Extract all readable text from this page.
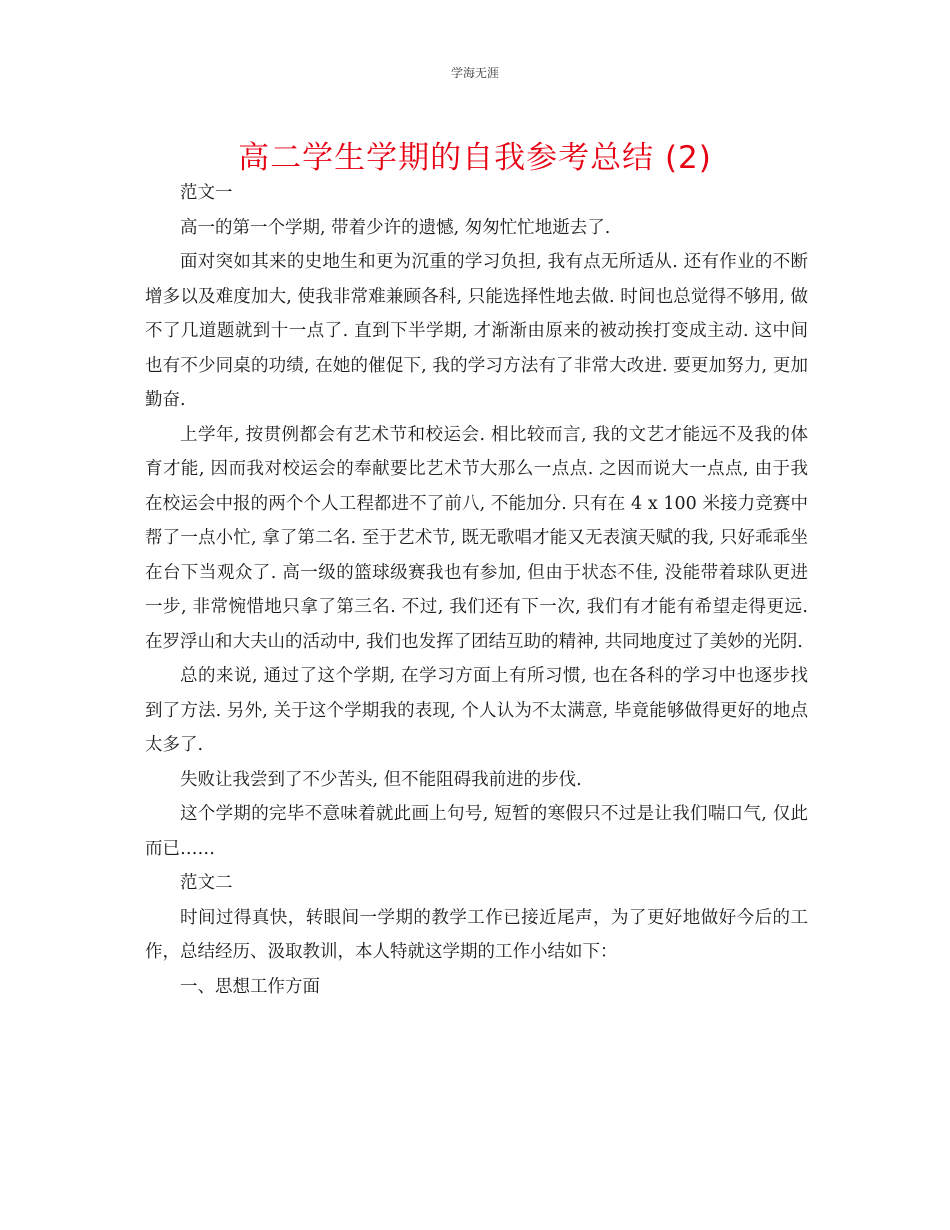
学海无涯
高二学生学期的自我参考总结 (2)

范文一

高一的第一个学期, 带着少许的遗憾, 匆匆忙忙地逝去了.

面对突如其来的史地生和更为沉重的学习负担, 我有点无所适从. 还有作业的不断增多以及难度加大, 使我非常难兼顾各科, 只能选择性地去做. 时间也总觉得不够用, 做不了几道题就到十一点了. 直到下半学期, 才渐渐由原来的被动挨打变成主动. 这中间也有不少同桌的功绩, 在她的催促下, 我的学习方法有了非常大改进. 要更加努力, 更加勤奋.

上学年, 按贯例都会有艺术节和校运会. 相比较而言, 我的文艺才能远不及我的体育才能, 因而我对校运会的奉献要比艺术节大那么一点点. 之因而说大一点点, 由于我在校运会中报的两个个人工程都进不了前八, 不能加分. 只有在 4 x 100 米接力竞赛中帮了一点小忙, 拿了第二名. 至于艺术节, 既无歌唱才能又无表演天赋的我, 只好乖乖坐在台下当观众了. 高一级的篮球级赛我也有参加, 但由于状态不佳, 没能带着球队更进一步, 非常惋惜地只拿了第三名. 不过, 我们还有下一次, 我们有才能有希望走得更远. 在罗浮山和大夫山的活动中, 我们也发挥了团结互助的精神, 共同地度过了美妙的光阴.

总的来说, 通过了这个学期, 在学习方面上有所习惯, 也在各科的学习中也逐步找到了方法. 另外, 关于这个学期我的表现, 个人认为不太满意, 毕竟能够做得更好的地点太多了.

失败让我尝到了不少苦头, 但不能阻碍我前进的步伐.

这个学期的完毕不意味着就此画上句号, 短暂的寒假只不过是让我们喘口气, 仅此而已……

范文二

时间过得真快，转眼间一学期的教学工作已接近尾声，为了更好地做好今后的工作，总结经历、汲取教训，本人特就这学期的工作小结如下：

一、思想工作方面
